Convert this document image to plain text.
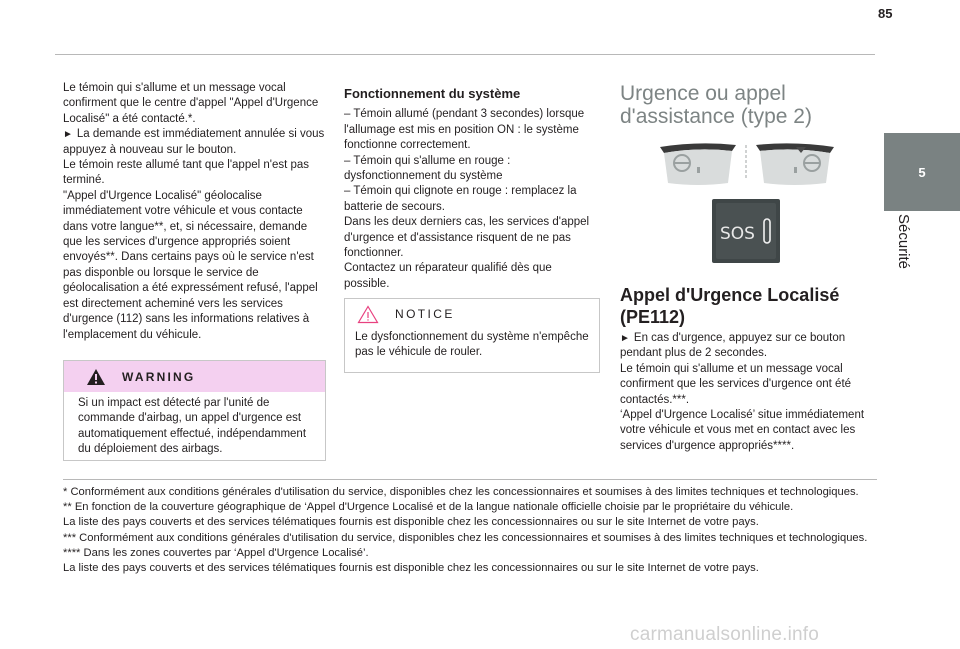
85
5
Sécurité
Le témoin qui s'allume et un message vocal confirment que le centre d'appel "Appel d'Urgence Localisé" a été contacté.*.
► La demande est immédiatement annulée si vous appuyez à nouveau sur le bouton.
Le témoin reste allumé tant que l'appel n'est pas terminé.
"Appel d'Urgence Localisé" géolocalise immédiatement votre véhicule et vous contacte dans votre langue**, et, si nécessaire, demande que les services d'urgence appropriés soient envoyés**. Dans certains pays où le service n'est pas disponble ou lorsque le service de géolocalisation a été expressément refusé, l'appel est directement acheminé vers les services d'urgence (112) sans les informations relatives à l'emplacement du véhicule.
WARNING
Si un impact est détecté par l'unité de commande d'airbag, un appel d'urgence est automatiquement effectué, indépendamment du déploiement des airbags.
Fonctionnement du système
– Témoin allumé (pendant 3 secondes) lorsque l'allumage est mis en position ON : le système fonctionne correctement.
– Témoin qui s'allume en rouge : dysfonctionnement du système
– Témoin qui clignote en rouge : remplacez la batterie de secours.
Dans les deux derniers cas, les services d'appel d'urgence et d'assistance risquent de ne pas fonctionner.
Contactez un réparateur qualifié dès que possible.
NOTICE
Le dysfonctionnement du système n'empêche pas le véhicule de rouler.
Urgence ou appel d'assistance (type 2)
SOS
Appel d'Urgence Localisé (PE112)
► En cas d'urgence, appuyez sur ce bouton pendant plus de 2 secondes.
Le témoin qui s'allume et un message vocal confirment que les services d'urgence ont été contactés.***.
‘Appel d'Urgence Localisé’ situe immédiatement votre véhicule et vous met en contact avec les services d'urgence appropriés****.
* Conformément aux conditions générales d'utilisation du service, disponibles chez les concessionnaires et soumises à des limites techniques et technologiques.
** En fonction de la couverture géographique de ‘Appel d'Urgence Localisé et de la langue nationale officielle choisie par le propriétaire du véhicule.
La liste des pays couverts et des services télématiques fournis est disponible chez les concessionnaires ou sur le site Internet de votre pays.
*** Conformément aux conditions générales d'utilisation du service, disponibles chez les concessionnaires et soumises à des limites techniques et technologiques.
**** Dans les zones couvertes par ‘Appel d'Urgence Localisé’.
La liste des pays couverts et des services télématiques fournis est disponible chez les concessionnaires ou sur le site Internet de votre pays.
carmanualsonline.info
